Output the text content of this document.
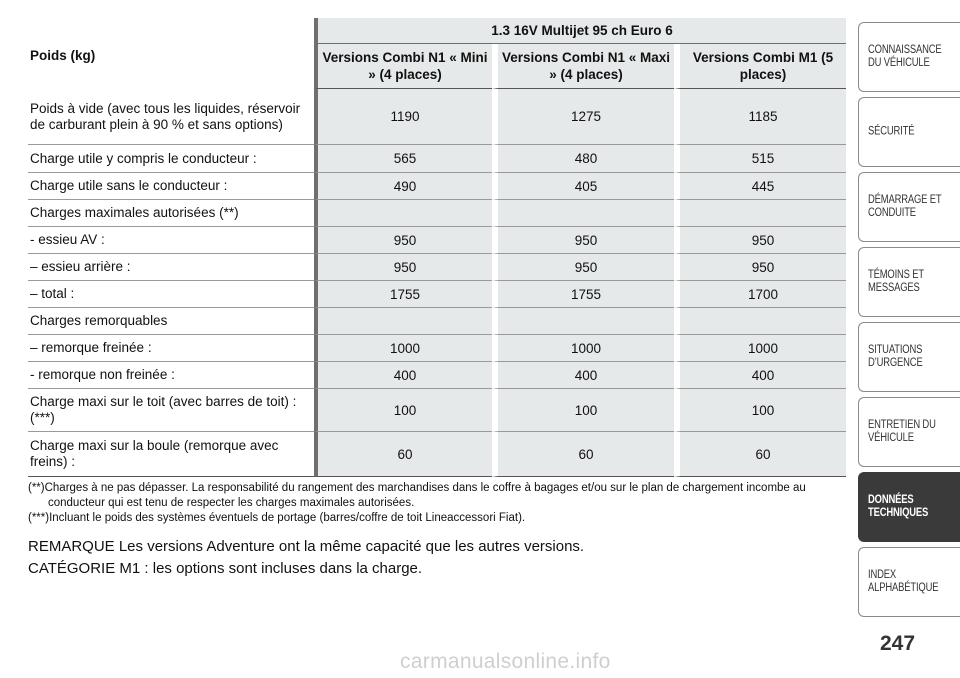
Poids (kg)	1.3 16V Multijet 95 ch Euro 6		
	Versions Combi N1 « Mini » (4 places)	Versions Combi N1 « Maxi » (4 places)	Versions Combi M1 (5 places)
Poids à vide (avec tous les liquides, réservoir de carburant plein à 90 % et sans options)	1190	1275	1185
Charge utile y compris le conducteur :	565	480	515
Charge utile sans le conducteur :	490	405	445
Charges maximales autorisées (**)			
- essieu AV :	950	950	950
– essieu arrière :	950	950	950
– total :	1755	1755	1700
Charges remorquables			
– remorque freinée :	1000	1000	1000
- remorque non freinée :	400	400	400
Charge maxi sur le toit (avec barres de toit) : (***)	100	100	100
Charge maxi sur la boule (remorque avec freins) :	60	60	60

(**)Charges à ne pas dépasser. La responsabilité du rangement des marchandises dans le coffre à bagages et/ou sur le plan de chargement incombe au conducteur qui est tenu de respecter les charges maximales autorisées.

(***)Incluant le poids des systèmes éventuels de portage (barres/coffre de toit Lineaccessori Fiat).

REMARQUE Les versions Adventure ont la même capacité que les autres versions.

CATÉGORIE M1 : les options sont incluses dans la charge.

CONNAISSANCE
DU VÉHICULE
SÉCURITÉ
DÉMARRAGE ET
CONDUITE
TÉMOINS ET
MESSAGES
SITUATIONS
D’URGENCE
ENTRETIEN DU
VÉHICULE
DONNÉES
TECHNIQUES
INDEX
ALPHABÉTIQUE
247
carmanualsonline.info
